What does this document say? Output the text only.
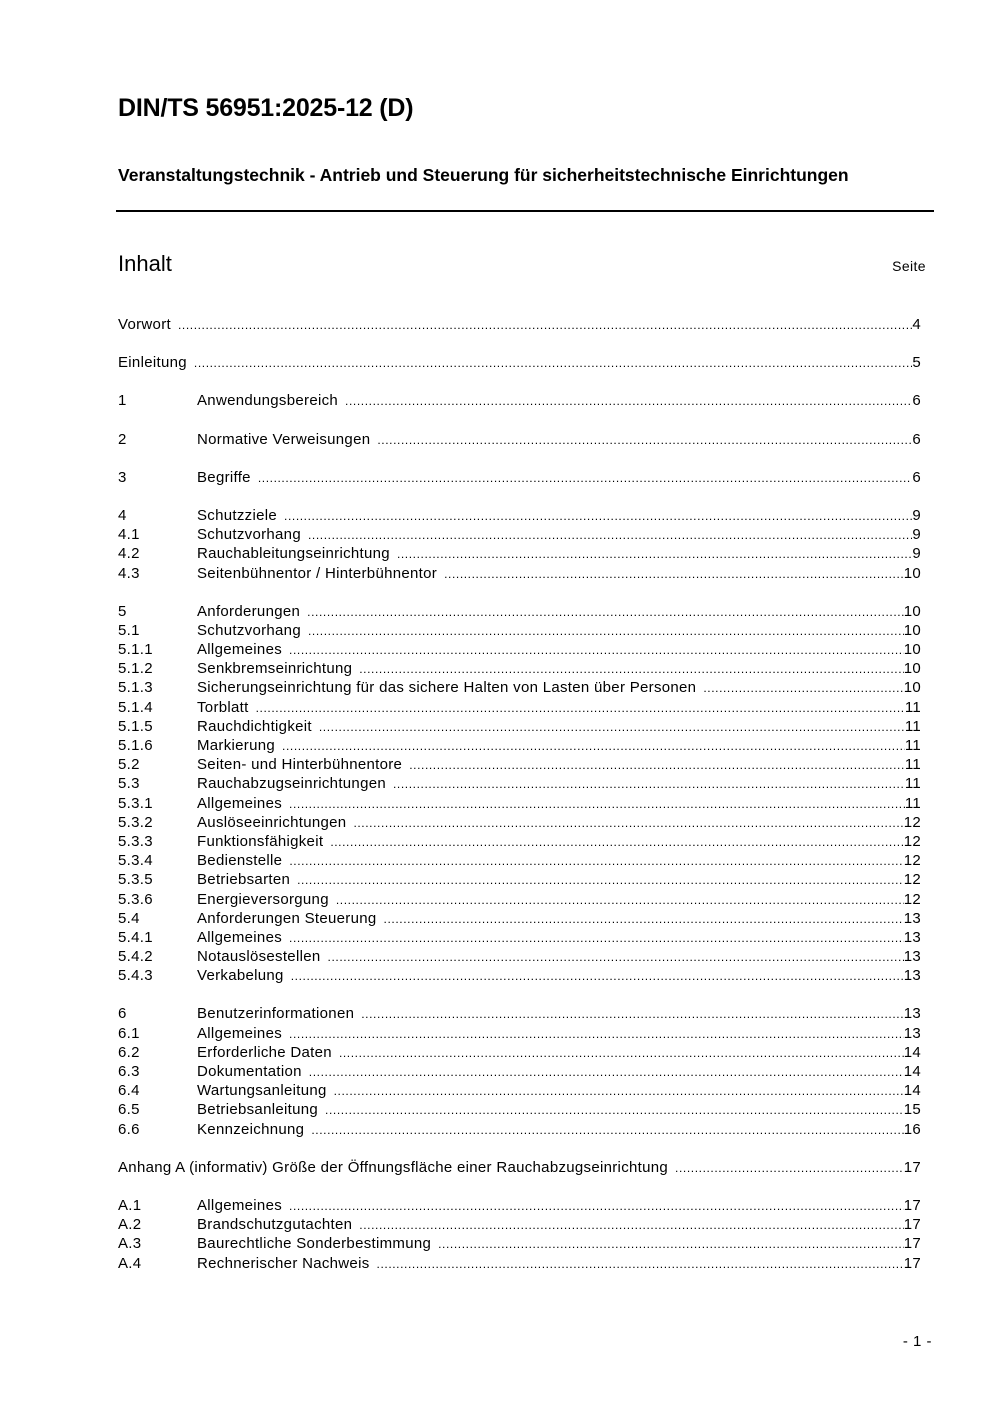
DIN/TS 56951:2025-12 (D)
Veranstaltungstechnik - Antrieb und Steuerung für sicherheitstechnische Einrichtungen
Inhalt	Seite
Vorwort .....	4
Einleitung .....	5
1	Anwendungsbereich .....	6
2	Normative Verweisungen .....	6
3	Begriffe .....	6
4	Schutzziele .....	9
4.1	Schutzvorhang .....	9
4.2	Rauchableitungseinrichtung .....	9
4.3	Seitenbühnentor / Hinterbühnentor .....	10
5	Anforderungen .....	10
5.1	Schutzvorhang .....	10
5.1.1	Allgemeines .....	10
5.1.2	Senkbremseinrichtung .....	10
5.1.3	Sicherungseinrichtung für das sichere Halten von Lasten über Personen .....	10
5.1.4	Torblatt .....	11
5.1.5	Rauchdichtigkeit .....	11
5.1.6	Markierung .....	11
5.2	Seiten- und Hinterbühnentore .....	11
5.3	Rauchabzugseinrichtungen .....	11
5.3.1	Allgemeines .....	11
5.3.2	Auslöseeinrichtungen .....	12
5.3.3	Funktionsfähigkeit .....	12
5.3.4	Bedienstelle .....	12
5.3.5	Betriebsarten .....	12
5.3.6	Energieversorgung .....	12
5.4	Anforderungen Steuerung .....	13
5.4.1	Allgemeines .....	13
5.4.2	Notauslösestellen .....	13
5.4.3	Verkabelung .....	13
6	Benutzerinformationen .....	13
6.1	Allgemeines .....	13
6.2	Erforderliche Daten .....	14
6.3	Dokumentation .....	14
6.4	Wartungsanleitung .....	14
6.5	Betriebsanleitung .....	15
6.6	Kennzeichnung .....	16
Anhang A (informativ) Größe der Öffnungsfläche einer Rauchabzugseinrichtung .....	17
A.1	Allgemeines .....	17
A.2	Brandschutzgutachten .....	17
A.3	Baurechtliche Sonderbestimmung .....	17
A.4	Rechnerischer Nachweis .....	17
- 1 -
